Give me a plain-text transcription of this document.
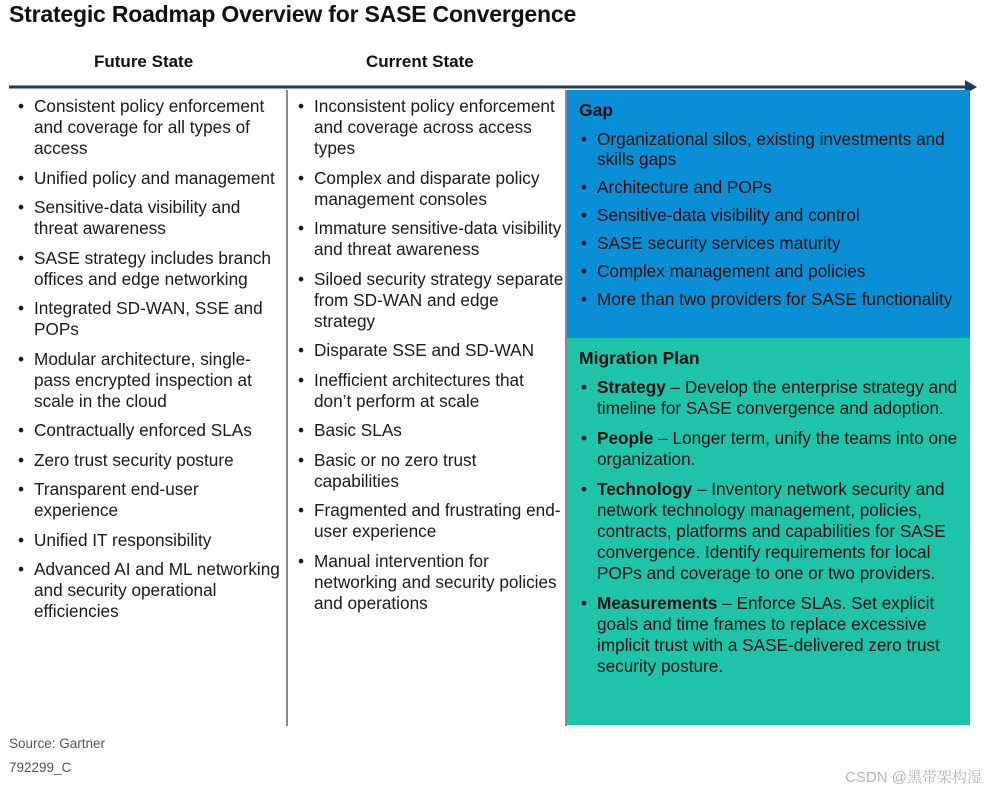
Strategic Roadmap Overview for SASE Convergence
Future State	Current State
• Consistent policy enforcement and coverage for all types of access
• Unified policy and management
• Sensitive-data visibility and threat awareness
• SASE strategy includes branch offices and edge networking
• Integrated SD-WAN, SSE and POPs
• Modular architecture, single-pass encrypted inspection at scale in the cloud
• Contractually enforced SLAs
• Zero trust security posture
• Transparent end-user experience
• Unified IT responsibility
• Advanced AI and ML networking and security operational efficiencies
• Inconsistent policy enforcement and coverage across access types
• Complex and disparate policy management consoles
• Immature sensitive-data visibility and threat awareness
• Siloed security strategy separate from SD-WAN and edge strategy
• Disparate SSE and SD-WAN
• Inefficient architectures that don’t perform at scale
• Basic SLAs
• Basic or no zero trust capabilities
• Fragmented and frustrating end-user experience
• Manual intervention for networking and security policies and operations
Gap
• Organizational silos, existing investments and skills gaps
• Architecture and POPs
• Sensitive-data visibility and control
• SASE security services maturity
• Complex management and policies
• More than two providers for SASE functionality
Migration Plan
• Strategy – Develop the enterprise strategy and timeline for SASE convergence and adoption.
• People – Longer term, unify the teams into one organization.
• Technology – Inventory network security and network technology management, policies, contracts, platforms and capabilities for SASE convergence. Identify requirements for local POPs and coverage to one or two providers.
• Measurements – Enforce SLAs. Set explicit goals and time frames to replace excessive implicit trust with a SASE-delivered zero trust security posture.
Source: Gartner
792299_C
CSDN @黑带架构湿
